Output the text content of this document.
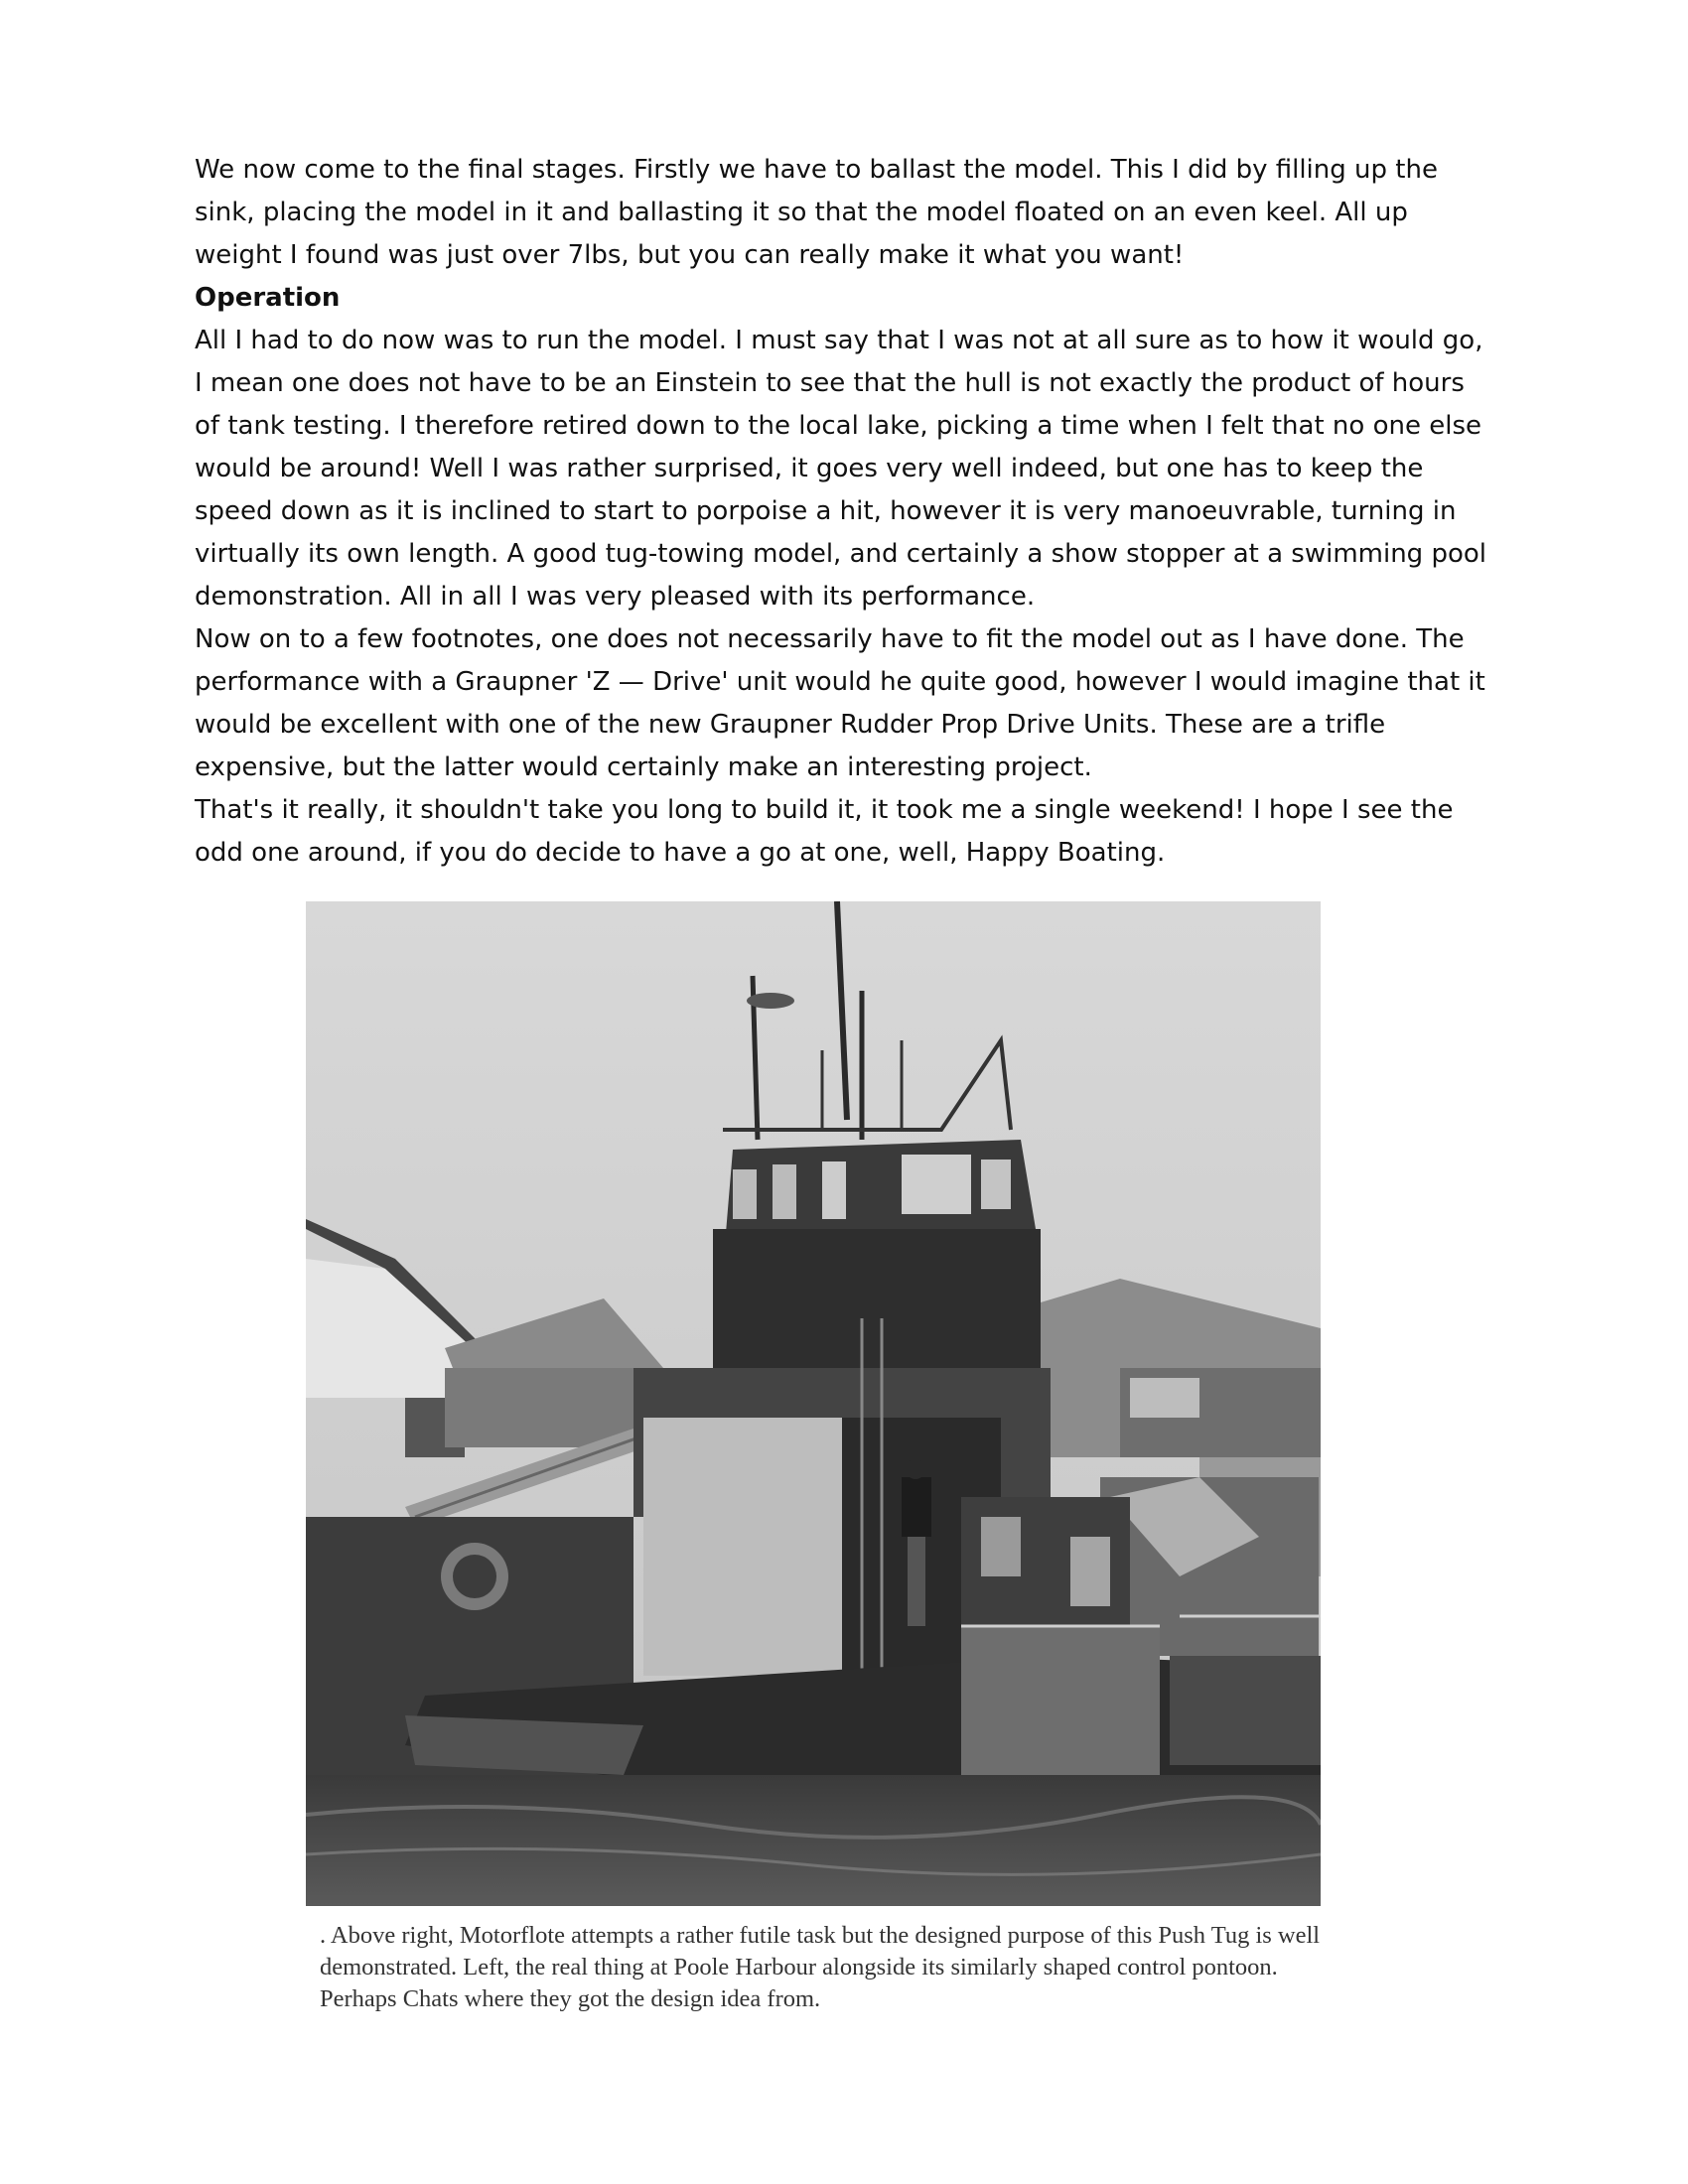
We now come to the final stages. Firstly we have to ballast the model. This I did by filling up the sink, placing the model in it and ballasting it so that the model floated on an even keel. All up weight I found was just over 7lbs, but you can really make it what you want!

Operation

All I had to do now was to run the model. I must say that I was not at all sure as to how it would go, I mean one does not have to be an Einstein to see that the hull is not exactly the product of hours of tank testing. I therefore retired down to the local lake, picking a time when I felt that no one else would be around! Well I was rather surprised, it goes very well indeed, but one has to keep the speed down as it is inclined to start to porpoise a hit, however it is very manoeuvrable, turning in virtually its own length. A good tug-towing model, and certainly a show stopper at a swimming pool demonstration. All in all I was very pleased with its performance.

Now on to a few footnotes, one does not necessarily have to fit the model out as I have done. The performance with a Graupner 'Z — Drive' unit would he quite good, however I would imagine that it would be excellent with one of the new Graupner Rudder Prop Drive Units. These are a trifle expensive, but the latter would certainly make an interesting project.

That's it really, it shouldn't take you long to build it, it took me a single weekend! I hope I see the odd one around, if you do decide to have a go at one, well, Happy Boating.

. Above right, Motorflote attempts a rather futile task but the designed purpose of this Push Tug is well demonstrated. Left, the real thing at Poole Harbour alongside its similarly shaped control pontoon. Perhaps Chats where they got the design idea from.
